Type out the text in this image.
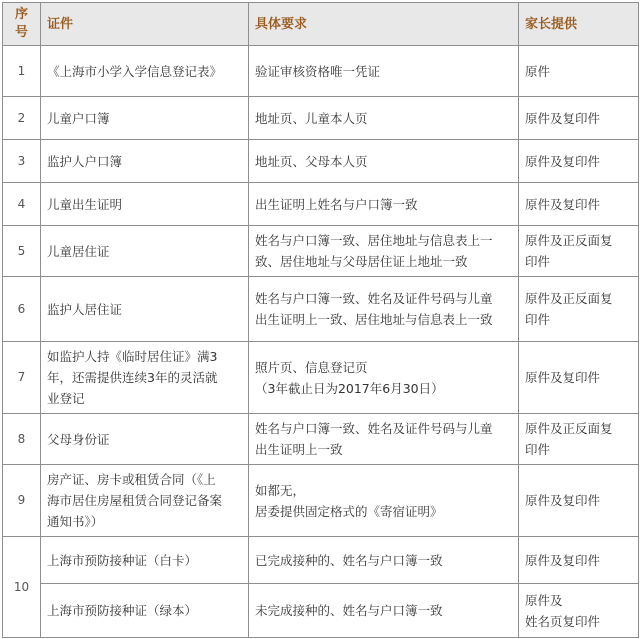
序
号	证件	具体要求	家长提供
1	《上海市小学入学信息登记表》	验证审核资格唯一凭证	原件
2	儿童户口簿	地址页、儿童本人页	原件及复印件
3	监护人户口簿	地址页、父母本人页	原件及复印件
4	儿童出生证明	出生证明上姓名与户口簿一致	原件及复印件
5	儿童居住证	姓名与户口簿一致、居住地址与信息表上一
致、居住地址与父母居住证上地址一致	原件及正反面复
印件
6	监护人居住证	姓名与户口簿一致、姓名及证件号码与儿童
出生证明上一致、居住地址与信息表上一致	原件及正反面复
印件
7	如监护人持《临时居住证》满3
年，还需提供连续3年的灵活就
业登记	照片页、信息登记页
（3年截止日为2017年6月30日）	原件及复印件
8	父母身份证	姓名与户口簿一致、姓名及证件号码与儿童
出生证明上一致	原件及正反面复
印件
9	房产证、房卡或租赁合同（《上
海市居住房屋租赁合同登记备案
通知书》）	如都无，
居委提供固定格式的《寄宿证明》	原件及复印件
10	上海市预防接种证（白卡）	已完成接种的、姓名与户口簿一致	原件及复印件
	上海市预防接种证（绿本）	未完成接种的、姓名与户口簿一致	原件及
姓名页复印件
